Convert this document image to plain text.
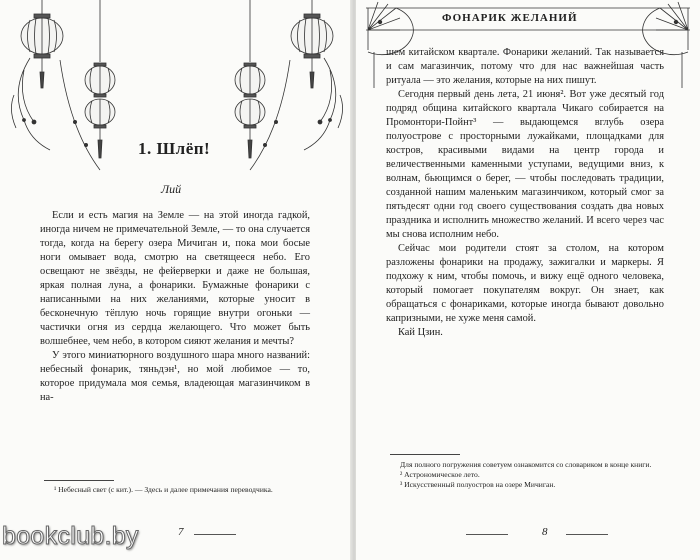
1. Шлёп!
Лий

Если и есть магия на Земле — на этой иногда гадкой, иногда ничем не примечательной Земле, — то она случается тогда, когда на берегу озера Мичиган и, пока мои босые ноги омывает вода, смотрю на светящееся небо. Его освещают не звёзды, не фейерверки и даже не большая, яркая полная луна, а фонарики. Бумажные фонарики с написанными на них желаниями, которые уносит в бесконечную тёплую ночь горящие внутри огоньки — частички огня из сердца желающего. Что может быть волшебнее, чем небо, в котором сияют желания и мечты?

У этого миниатюрного воздушного шара много названий: небесный фонарик, тяньдэн¹, но мой любимое — то, которое придумала моя семья, владеющая магазинчиком в на-

¹ Небесный свет (с кит.). — Здесь и далее примечания переводчика.

7
ФОНАРИК ЖЕЛАНИЙ

шем китайском квартале. Фонарики желаний. Так называется и сам магазинчик, потому что для нас важнейшая часть ритуала — это желания, которые на них пишут.

Сегодня первый день лета, 21 июня². Вот уже десятый год подряд община китайского квартала Чикаго собирается на Промонтори-Пойнт³ — выдающемся вглубь озера полуострове с просторными лужайками, площадками для костров, красивыми видами на центр города и величественными каменными уступами, ведущими вниз, к волнам, бьющимся о берег, — чтобы последовать традиции, созданной нашим маленьким магазинчиком, который смог за пятьдесят одни год своего существования создать два новых праздника и исполнить множество желаний. И всего через час мы снова исполним небо.

Сейчас мои родители стоят за столом, на котором разложены фонарики на продажу, зажигалки и маркеры. Я подхожу к ним, чтобы помочь, и вижу ещё одного человека, который помогает покупателям вокруг. Он знает, как обращаться с фонариками, которые иногда бывают довольно капризными, не хуже меня самой.

Кай Цзин.

Для полного погружения советуем ознакомится со словариком в конце книги.

² Астрономическое лето.

³ Искусственный полуостров на озере Мичиган.

8
bookclub.by
